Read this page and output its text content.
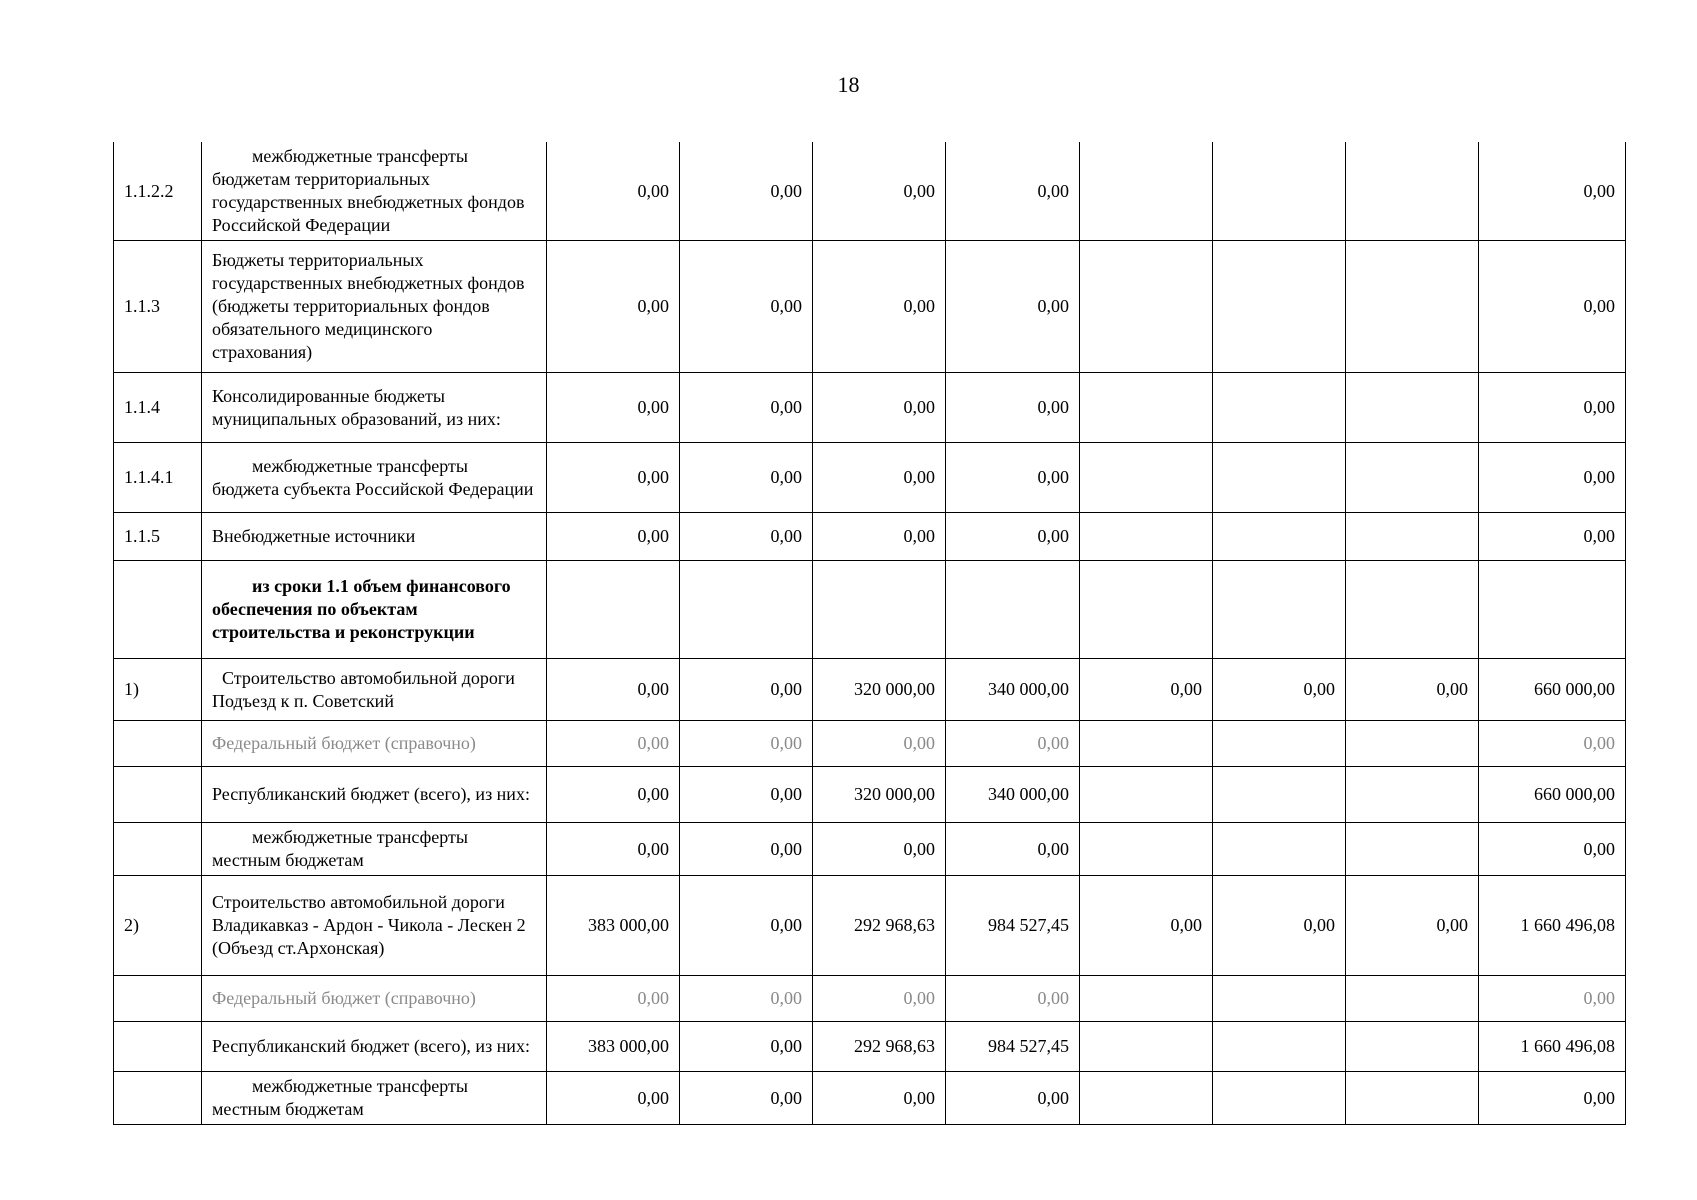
18
1.1.2.2	межбюджетные трансферты бюджетам территориальных государственных внебюджетных фондов Российской Федерации	0,00	0,00	0,00	0,00				0,00
1.1.3	Бюджеты территориальных государственных внебюджетных фондов (бюджеты территориальных фондов обязательного медицинского страхования)	0,00	0,00	0,00	0,00				0,00
1.1.4	Консолидированные бюджеты муниципальных образований, из них:	0,00	0,00	0,00	0,00				0,00
1.1.4.1	межбюджетные трансферты бюджета субъекта Российской Федерации	0,00	0,00	0,00	0,00				0,00
1.1.5	Внебюджетные источники	0,00	0,00	0,00	0,00				0,00
	из сроки 1.1 объем финансового обеспечения по объектам строительства и реконструкции								
1)	Строительство автомобильной дороги Подъезд к п. Советский	0,00	0,00	320 000,00	340 000,00	0,00	0,00	0,00	660 000,00
	Федеральный бюджет (справочно)	0,00	0,00	0,00	0,00				0,00
	Республиканский бюджет (всего), из них:	0,00	0,00	320 000,00	340 000,00				660 000,00
	межбюджетные трансферты местным бюджетам	0,00	0,00	0,00	0,00				0,00
2)	Строительство автомобильной дороги Владикавказ - Ардон - Чикола - Лескен 2 (Объезд ст.Архонская)	383 000,00	0,00	292 968,63	984 527,45	0,00	0,00	0,00	1 660 496,08
	Федеральный бюджет (справочно)	0,00	0,00	0,00	0,00				0,00
	Республиканский бюджет (всего), из них:	383 000,00	0,00	292 968,63	984 527,45				1 660 496,08
	межбюджетные трансферты местным бюджетам	0,00	0,00	0,00	0,00				0,00
